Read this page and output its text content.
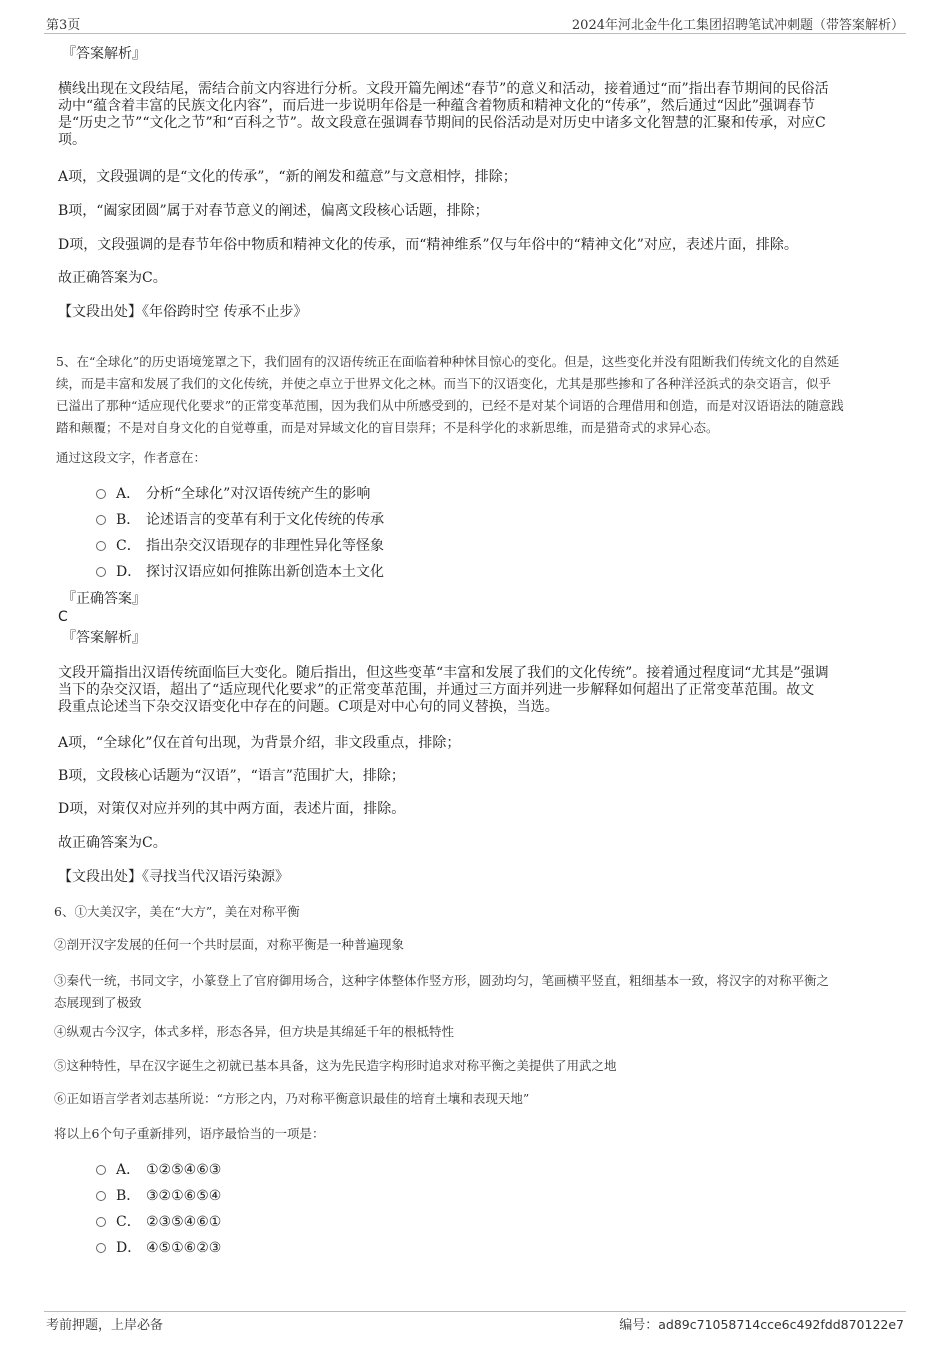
第3页	2024年河北金牛化工集团招聘笔试冲刺题（带答案解析）
『答案解析』
横线出现在文段结尾，需结合前文内容进行分析。文段开篇先阐述“春节”的意义和活动，接着通过“而”指出春节期间的民俗活
动中“蕴含着丰富的民族文化内容”，而后进一步说明年俗是一种蕴含着物质和精神文化的“传承”，然后通过“因此”强调春节
是“历史之节”“文化之节”和“百科之节”。故文段意在强调春节期间的民俗活动是对历史中诸多文化智慧的汇聚和传承，对应C
项。
A项，文段强调的是“文化的传承”，“新的阐发和蕴意”与文意相悖，排除；
B项，“阖家团圆”属于对春节意义的阐述，偏离文段核心话题，排除；
D项，文段强调的是春节年俗中物质和精神文化的传承，而“精神维系”仅与年俗中的“精神文化”对应，表述片面，排除。
故正确答案为C。
【文段出处】《年俗跨时空 传承不止步》
5、在“全球化”的历史语境笼罩之下，我们固有的汉语传统正在面临着种种怵目惊心的变化。但是，这些变化并没有阻断我们传统文化的自然延
续，而是丰富和发展了我们的文化传统，并使之卓立于世界文化之林。而当下的汉语变化，尤其是那些掺和了各种洋泾浜式的杂交语言，似乎
已溢出了那种“适应现代化要求”的正常变革范围，因为我们从中所感受到的，已经不是对某个词语的合理借用和创造，而是对汉语语法的随意践
踏和颠覆；不是对自身文化的自觉尊重，而是对异域文化的盲目崇拜；不是科学化的求新思维，而是猎奇式的求异心态。
通过这段文字，作者意在：
A． 分析“全球化”对汉语传统产生的影响
B． 论述语言的变革有利于文化传统的传承
C． 指出杂交汉语现存的非理性异化等怪象
D． 探讨汉语应如何推陈出新创造本土文化
『正确答案』
C
『答案解析』
文段开篇指出汉语传统面临巨大变化。随后指出，但这些变革“丰富和发展了我们的文化传统”。接着通过程度词“尤其是”强调
当下的杂交汉语，超出了“适应现代化要求”的正常变革范围，并通过三方面并列进一步解释如何超出了正常变革范围。故文
段重点论述当下杂交汉语变化中存在的问题。C项是对中心句的同义替换，当选。
A项，“全球化”仅在首句出现，为背景介绍，非文段重点，排除；
B项，文段核心话题为“汉语”，“语言”范围扩大，排除；
D项，对策仅对应并列的其中两方面，表述片面，排除。
故正确答案为C。
【文段出处】《寻找当代汉语污染源》
6、①大美汉字，美在“大方”，美在对称平衡
②剖开汉字发展的任何一个共时层面，对称平衡是一种普遍现象
③秦代一统，书同文字，小篆登上了官府御用场合，这种字体整体作竖方形，圆劲均匀，笔画横平竖直，粗细基本一致，将汉字的对称平衡之
态展现到了极致
④纵观古今汉字，体式多样，形态各异，但方块是其绵延千年的根柢特性
⑤这种特性，早在汉字诞生之初就已基本具备，这为先民造字构形时追求对称平衡之美提供了用武之地
⑥正如语言学者刘志基所说：“方形之内，乃对称平衡意识最佳的培育土壤和表现天地”
将以上6个句子重新排列，语序最恰当的一项是：
A． ①②⑤④⑥③
B． ③②①⑥⑤④
C． ②③⑤④⑥①
D． ④⑤①⑥②③
考前押题，上岸必备	编号：ad89c71058714cce6c492fdd870122e7
